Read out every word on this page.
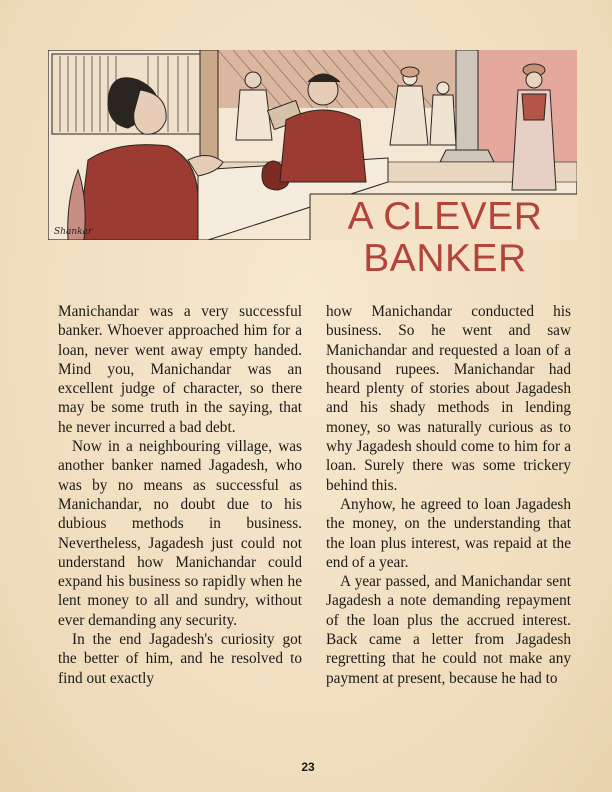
Shankar	A CLEVER
BANKER

Manichandar was a very successful banker. Whoever approached him for a loan, never went away empty handed. Mind you, Manichandar was an excellent judge of character, so there may be some truth in the saying, that he never incurred a bad debt.

Now in a neighbouring village, was another banker named Jagadesh, who was by no means as successful as Manichandar, no doubt due to his dubious methods in business. Nevertheless, Jagadesh just could not understand how Manichandar could expand his business so rapidly when he lent money to all and sundry, without ever demanding any security.

In the end Jagadesh's curiosity got the better of him, and he resolved to find out exactly

how Manichandar conducted his business. So he went and saw Manichandar and requested a loan of a thousand rupees. Manichandar had heard plenty of stories about Jagadesh and his shady methods in lending money, so was naturally curious as to why Jagadesh should come to him for a loan. Surely there was some trickery behind this.

Anyhow, he agreed to loan Jagadesh the money, on the understanding that the loan plus interest, was repaid at the end of a year.

A year passed, and Manichandar sent Jagadesh a note demanding repayment of the loan plus the accrued interest. Back came a letter from Jagadesh regretting that he could not make any payment at present, because he had to

23
